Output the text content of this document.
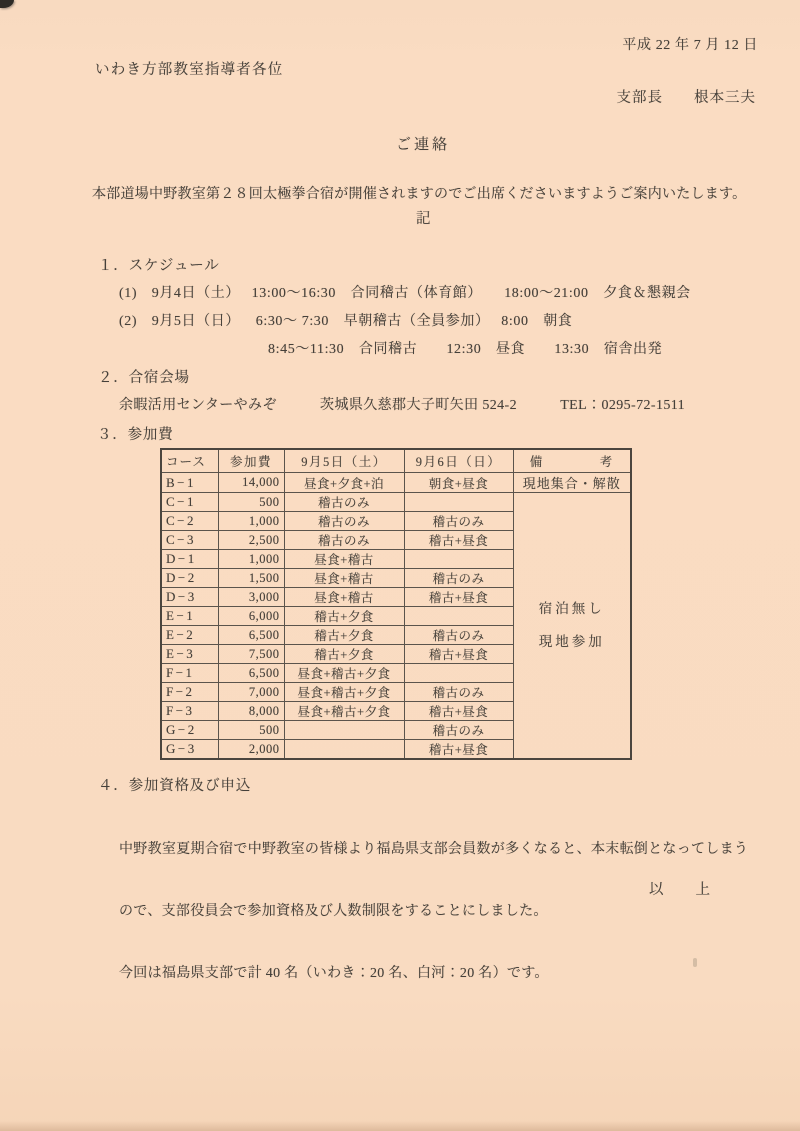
平成 22 年 7 月 12 日
いわき方部教室指導者各位
支部長　　根本三夫
ご連絡
本部道場中野教室第２８回太極拳合宿が開催されますのでご出席くださいますようご案内いたします。
記
１．スケジュール
(1)　9月4日（土）　 13:00～16:30　合同稽古（体育館）　　18:00～21:00　夕食＆懇親会
(2)　9月5日（日）　  6:30～ 7:30　早朝稽古（全員参加）　 8:00　朝食
8:45～11:30　合同稽古　　12:30　昼食　　13:30　宿舎出発
２．合宿会場
余暇活用センターやみぞ　　　茨城県久慈郡大子町矢田 524-2　　　TEL：0295-72-1511
３．参加費
コース	参加費	9月5日（土）	9月6日（日）	備　　　　考
B−1	14,000	昼食+夕食+泊	朝食+昼食	現地集合・解散
C−1	500	稽古のみ		宿泊無し
現地参加

C−2	1,000	稽古のみ	稽古のみ	
C−3	2,500	稽古のみ	稽古+昼食	
D−1	1,000	昼食+稽古		
D−2	1,500	昼食+稽古	稽古のみ	
D−3	3,000	昼食+稽古	稽古+昼食	
E−1	6,000	稽古+夕食		
E−2	6,500	稽古+夕食	稽古のみ	
E−3	7,500	稽古+夕食	稽古+昼食	
F−1	6,500	昼食+稽古+夕食		
F−2	7,000	昼食+稽古+夕食	稽古のみ	
F−3	8,000	昼食+稽古+夕食	稽古+昼食	
G−2	500		稽古のみ	
G−3	2,000		稽古+昼食	
４．参加資格及び申込

中野教室夏期合宿で中野教室の皆様より福島県支部会員数が多くなると、本末転倒となってしまう

ので、支部役員会で参加資格及び人数制限をすることにしました。

今回は福島県支部で計 40 名（いわき：20 名、白河：20 名）です。

以　　上
